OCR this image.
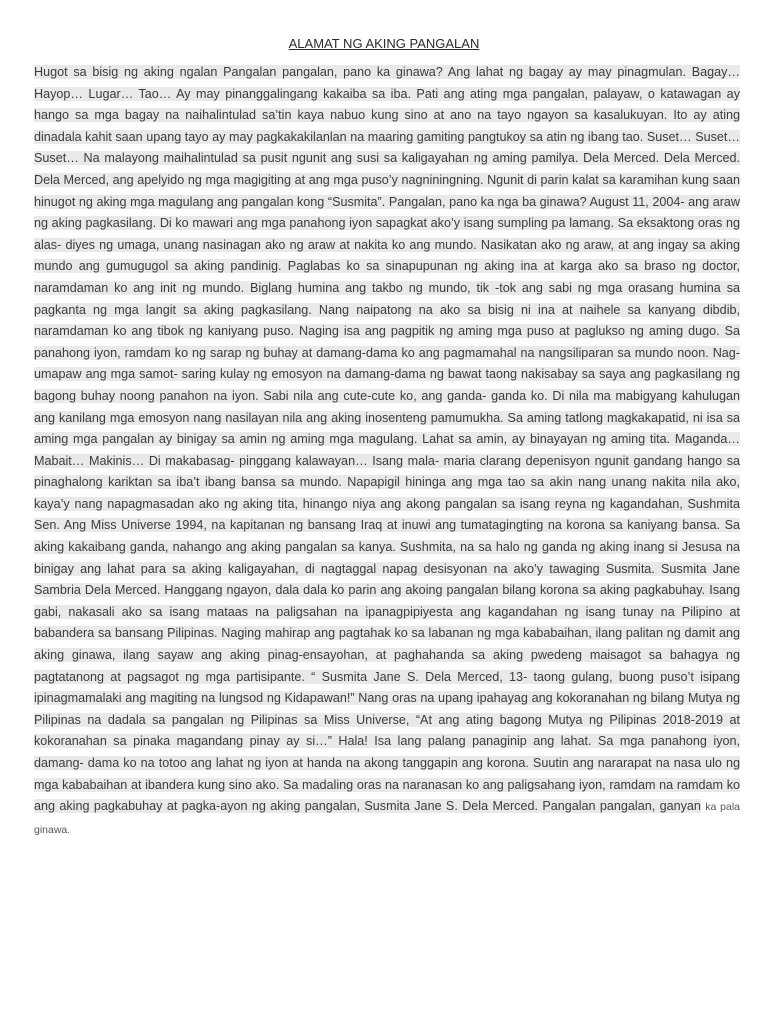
ALAMAT NG AKING PANGALAN

Hugot sa bisig ng aking ngalan Pangalan pangalan, pano ka ginawa? Ang lahat ng bagay ay may pinagmulan. Bagay… Hayop… Lugar… Tao… Ay may pinanggalingang kakaiba sa iba. Pati ang ating mga pangalan, palayaw, o katawagan ay hango sa mga bagay na naihalintulad sa’tin kaya nabuo kung sino at ano na tayo ngayon sa kasalukuyan. Ito ay ating dinadala kahit saan upang tayo ay may pagkakakilanlan na maaring gamiting pangtukoy sa atin ng ibang tao. Suset… Suset… Suset… Na malayong maihalintulad sa pusit ngunit ang susi sa kaligayahan ng aming pamilya. Dela Merced. Dela Merced. Dela Merced, ang apelyido ng mga magigiting at ang mga puso’y nagniningning. Ngunit di parin kalat sa karamihan kung saan hinugot ng aking mga magulang ang pangalan kong “Susmita”. Pangalan, pano ka nga ba ginawa? August 11, 2004- ang araw ng aking pagkasilang. Di ko mawari ang mga panahong iyon sapagkat ako’y isang sumpling pa lamang. Sa eksaktong oras ng alas- diyes ng umaga, unang nasinagan ako ng araw at nakita ko ang mundo. Nasikatan ako ng araw, at ang ingay sa aking mundo ang gumugugol sa aking pandinig. Paglabas ko sa sinapupunan ng aking ina at karga ako sa braso ng doctor, naramdaman ko ang init ng mundo. Biglang humina ang takbo ng mundo, tik -tok ang sabi ng mga orasang humina sa pagkanta ng mga langit sa aking pagkasilang. Nang naipatong na ako sa bisig ni ina at naihele sa kanyang dibdib, naramdaman ko ang tibok ng kaniyang puso. Naging isa ang pagpitik ng aming mga puso at paglukso ng aming dugo. Sa panahong iyon, ramdam ko ng sarap ng buhay at damang-dama ko ang pagmamahal na nangsiliparan sa mundo noon. Nag-umapaw ang mga samot- saring kulay ng emosyon na damang-dama ng bawat taong nakisabay sa saya ang pagkasilang ng bagong buhay noong panahon na iyon. Sabi nila ang cute-cute ko, ang ganda- ganda ko. Di nila ma mabigyang kahulugan ang kanilang mga emosyon nang nasilayan nila ang aking inosenteng pamumukha. Sa aming tatlong magkakapatid, ni isa sa aming mga pangalan ay binigay sa amin ng aming mga magulang. Lahat sa amin, ay binayayan ng aming tita. Maganda… Mabait… Makinis… Di makabasag- pinggang kalawayan… Isang mala- maria clarang depenisyon ngunit gandang hango sa pinaghalong kariktan sa iba’t ibang bansa sa mundo. Napapigil hininga ang mga tao sa akin nang unang nakita nila ako, kaya’y nang napagmasadan ako ng aking tita, hinango niya ang akong pangalan sa isang reyna ng kagandahan, Sushmita Sen. Ang Miss Universe 1994, na kapitanan ng bansang Iraq at inuwi ang tumatagingting na korona sa kaniyang bansa. Sa aking kakaibang ganda, nahango ang aking pangalan sa kanya. Sushmita, na sa halo ng ganda ng aking inang si Jesusa na binigay ang lahat para sa aking kaligayahan, di nagtaggal napag desisyonan na ako’y tawaging Susmita. Susmita Jane Sambria Dela Merced. Hanggang ngayon, dala dala ko parin ang akoing pangalan bilang korona sa aking pagkabuhay. Isang gabi, nakasali ako sa isang mataas na paligsahan na ipanagpipiyesta ang kagandahan ng isang tunay na Pilipino at babandera sa bansang Pilipinas. Naging mahirap ang pagtahak ko sa labanan ng mga kababaihan, ilang palitan ng damit ang aking ginawa, ilang sayaw ang aking pinag-ensayohan, at paghahanda sa aking pwedeng maisagot sa bahagya ng pagtatanong at pagsagot ng mga partisipante. “ Susmita Jane S. Dela Merced, 13- taong gulang, buong puso’t isipang ipinagmamalaki ang magiting na lungsod ng Kidapawan!” Nang oras na upang ipahayag ang kokoranahan ng bilang Mutya ng Pilipinas na dadala sa pangalan ng Pilipinas sa Miss Universe, “At ang ating bagong Mutya ng Pilipinas 2018-2019 at kokoranahan sa pinaka magandang pinay ay si…” Hala! Isa lang palang panaginip ang lahat. Sa mga panahong iyon, damang- dama ko na totoo ang lahat ng iyon at handa na akong tanggapin ang korona. Suutin ang nararapat na nasa ulo ng mga kababaihan at ibandera kung sino ako. Sa madaling oras na naranasan ko ang paligsahang iyon, ramdam na ramdam ko ang aking pagkabuhay at pagka-ayon ng aking pangalan, Susmita Jane S. Dela Merced. Pangalan pangalan, ganyan ka pala ginawa.
